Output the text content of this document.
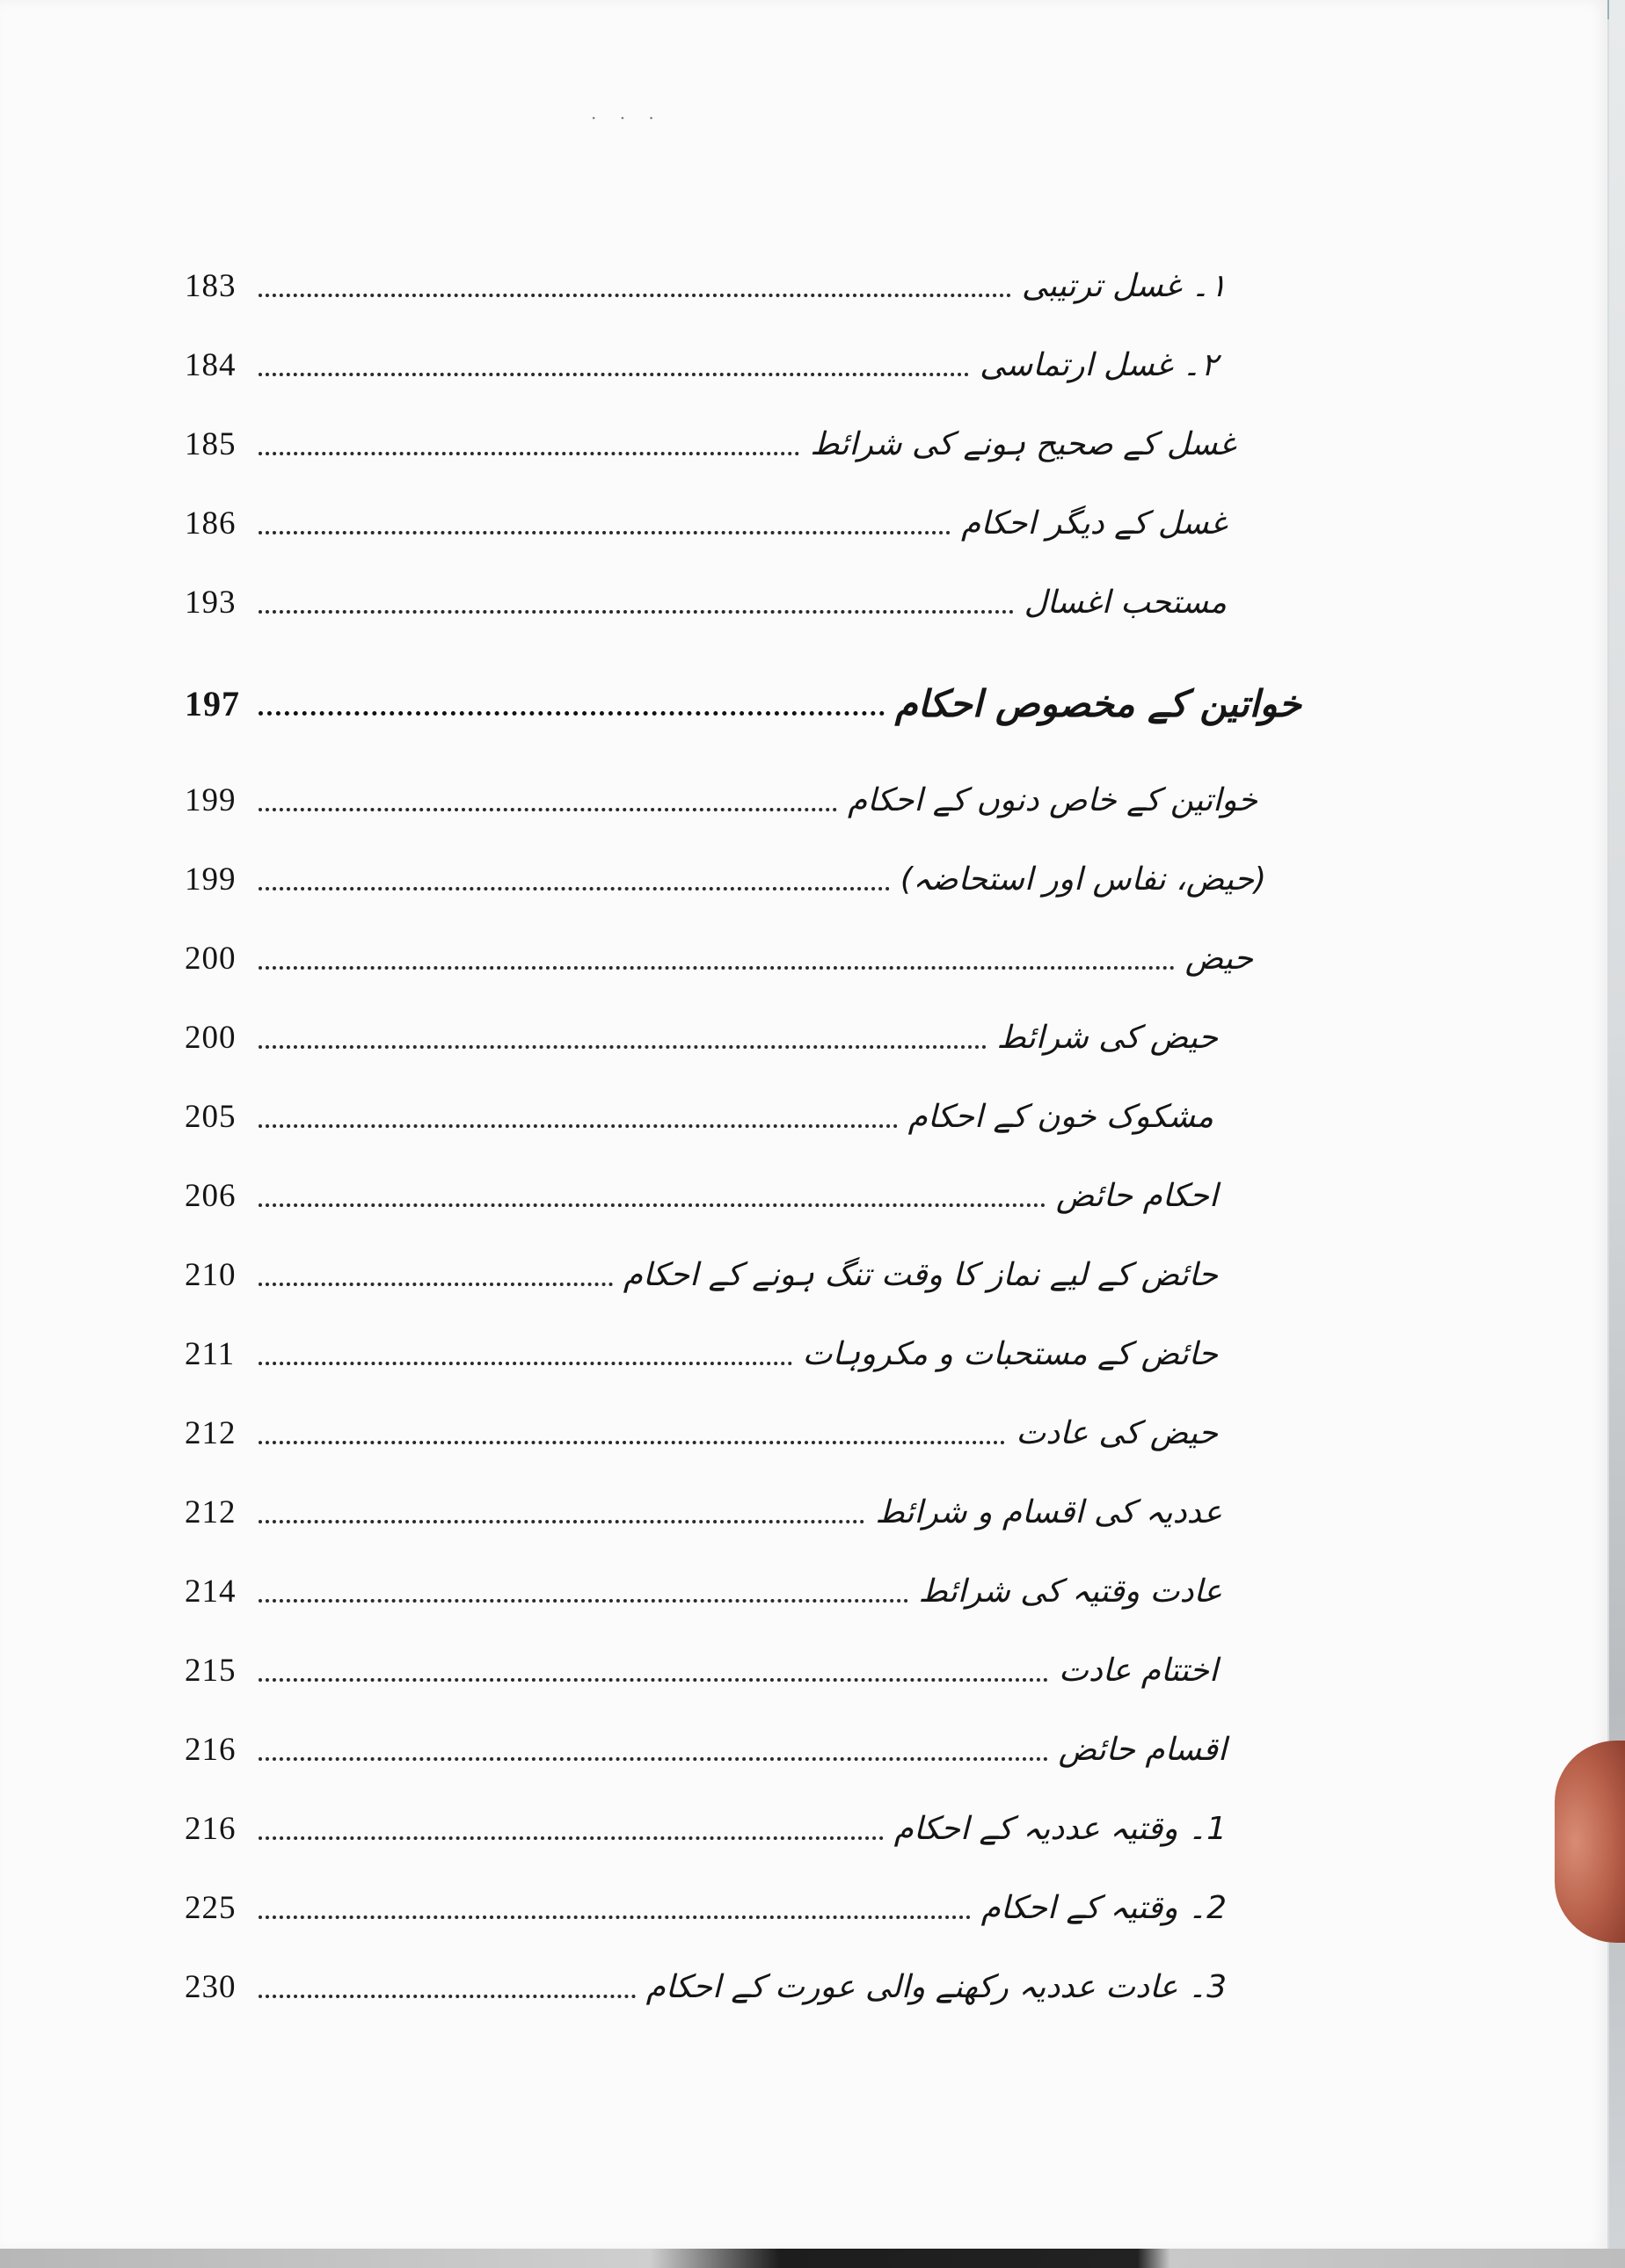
· · ·
183	۱۔ غسل ترتیبی
184	۲۔ غسل ارتماسی
185	غسل کے صحیح ہونے کی شرائط
186	غسل کے دیگر احکام
193	مستحب اغسال
197	خواتین کے مخصوص احکام
199	خواتین کے خاص دنوں کے احکام
199	(حیض، نفاس اور استحاضہ)
200	حیض
200	حیض کی شرائط
205	مشکوک خون کے احکام
206	احکام حائض
210	حائض کے لیے نماز کا وقت تنگ ہونے کے احکام
211	حائض کے مستحبات و مکروہات
212	حیض کی عادت
212	عددیہ کی اقسام و شرائط
214	عادت وقتیہ کی شرائط
215	اختتام عادت
216	اقسام حائض
216	1۔ وقتیہ عددیہ کے احکام
225	2۔ وقتیہ کے احکام
230	3۔ عادت عددیہ رکھنے والی عورت کے احکام
